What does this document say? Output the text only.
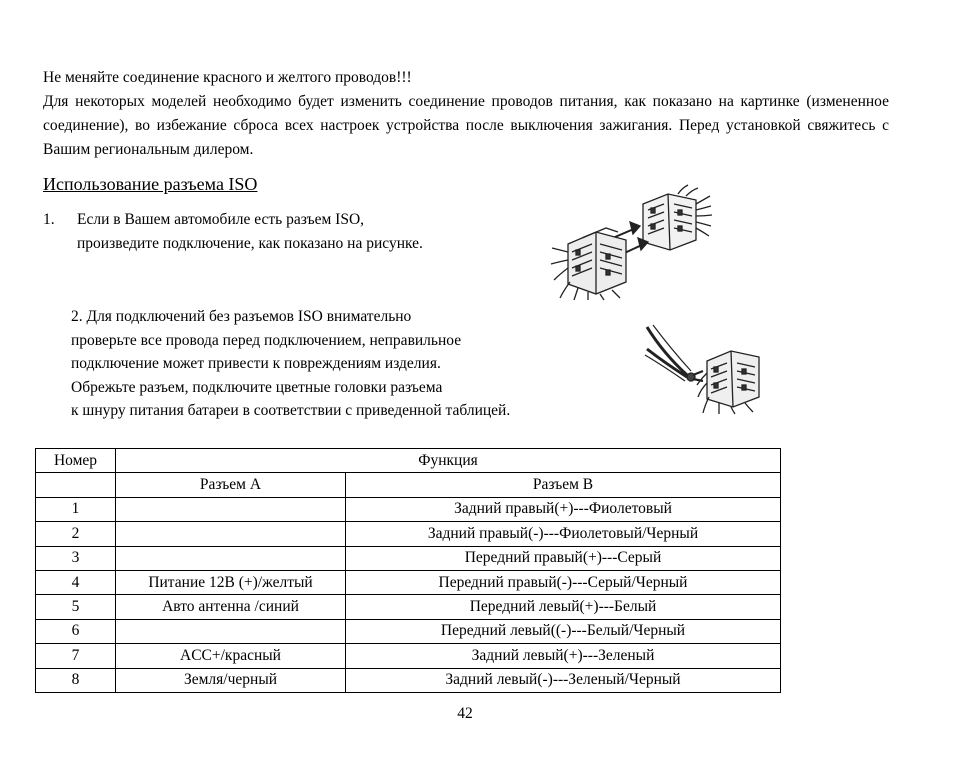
Не меняйте соединение красного и желтого проводов!!!

Для некоторых моделей необходимо будет изменить соединение проводов питания, как показано на картинке (измененное соединение), во избежание сброса всех настроек устройства после выключения зажигания. Перед установкой свяжитесь с Вашим региональным дилером.

Использование разъема ISO
1. Если в Вашем автомобиле есть разъем ISO,

произведите подключение, как показано на рисунке.

2. Для подключений без разъемов ISO внимательно

проверьте все провода перед подключением, неправильное

подключение может привести к повреждениям изделия.

Обрежьте разъем, подключите цветные головки разъема

к шнуру питания батареи в соответствии с приведенной таблицей.

Номер	Функция	
	Разъем A	Разъем B
1		Задний правый(+)---Фиолетовый
2		Задний правый(-)---Фиолетовый/Черный
3		Передний правый(+)---Серый
4	Питание 12В (+)/желтый	Передний правый(-)---Серый/Черный
5	Авто антенна /синий	Передний левый(+)---Белый
6		Передний левый((-)---Белый/Черный
7	ACC+/красный	Задний левый(+)---Зеленый
8	Земля/черный	Задний левый(-)---Зеленый/Черный
42
